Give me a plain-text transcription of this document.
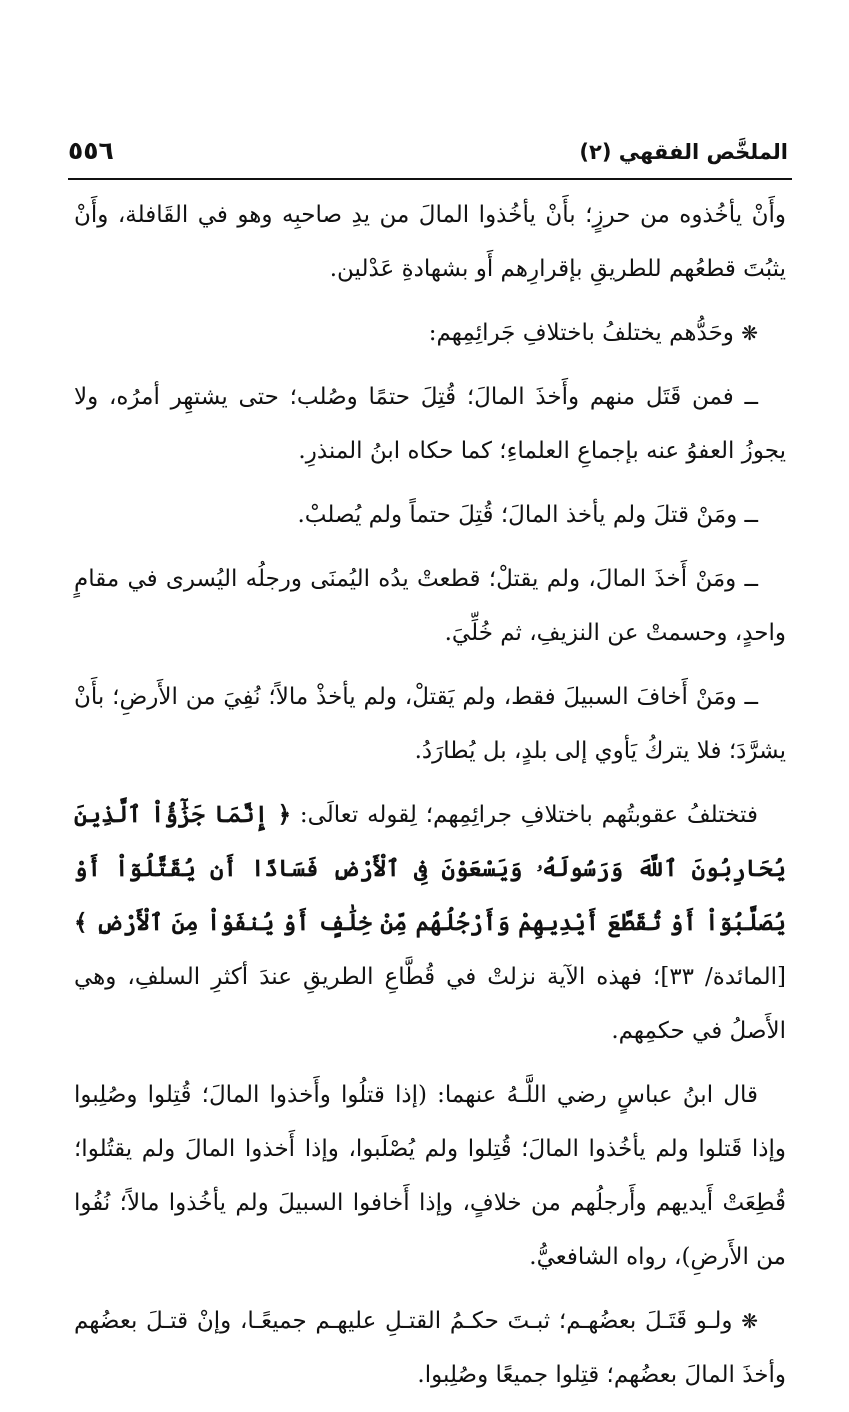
الملخَّص الفقهي (٢)
٥٥٦

وأَنْ يأخُذوه من حرزٍ؛ بأَنْ يأخُذوا المالَ من يدِ صاحبِه وهو في القَافلة، وأَنْ يثبُتَ قطعُهم للطريقِ بإقرارِهم أَو بشهادةِ عَدْلين.

❋ وحَدُّهم يختلفُ باختلافِ جَرائِمِهم:

ــ فمن قَتَل منهم وأَخذَ المالَ؛ قُتِلَ حتمًا وصُلب؛ حتى يشتهِر أمرُه، ولا يجوزُ العفوُ عنه بإجماعِ العلماءِ؛ كما حكاه ابنُ المنذرِ.

ــ ومَنْ قتلَ ولم يأخذ المالَ؛ قُتِلَ حتماً ولم يُصلبْ.

ــ ومَنْ أَخذَ المالَ، ولم يقتلْ؛ قطعتْ يدُه اليُمنَى ورجلُه اليُسرى في مقامٍ واحدٍ، وحسمتْ عن النزيفِ، ثم خُلِّيَ.

ــ ومَنْ أَخافَ السبيلَ فقط، ولم يَقتلْ، ولم يأخذْ مالاً؛ نُفِيَ من الأَرضِ؛ بأَنْ يشرَّدَ؛ فلا يتركُ يَأوي إلى بلدٍ، بل يُطارَدُ.

فتختلفُ عقوبتُهم باختلافِ جرائِمِهم؛ لِقوله تعالَى: ﴿ إِنَّمَا جَزَٰٓؤُاْ ٱلَّذِينَ يُحَارِبُونَ ٱللَّهَ وَرَسُولَهُۥ وَيَسْعَوْنَ فِى ٱلْأَرْضِ فَسَادًا أَن يُقَتَّلُوٓاْ أَوْ يُصَلَّبُوٓاْ أَوْ تُقَطَّعَ أَيْدِيهِمْ وَأَرْجُلُهُم مِّنْ خِلَٰفٍ أَوْ يُنفَوْاْ مِنَ ٱلْأَرْضِ ﴾ [المائدة/ ٣٣]؛ فهذه الآية نزلتْ في قُطَّاعِ الطريقِ عندَ أكثرِ السلفِ، وهي الأَصلُ في حكمِهم.

قال ابنُ عباسٍ رضي اللَّـهُ عنهما: (إذا قتلُوا وأَخذوا المالَ؛ قُتِلوا وصُلِبوا وإذا قَتلوا ولم يأخُذوا المالَ؛ قُتِلوا ولم يُصْلَبوا، وإذا أَخذوا المالَ ولم يقتُلوا؛ قُطِعَتْ أَيديهم وأَرجلُهم من خلافٍ، وإذا أَخافوا السبيلَ ولم يأخُذوا مالاً؛ نُفُوا من الأَرضِ)، رواه الشافعيُّ.

❋ ولـو قَتَـلَ بعضُهـم؛ ثبـتَ حكـمُ القتـلِ عليهـم جميعًـا، وإنْ قتـلَ بعضُهم وأخذَ المالَ بعضُهم؛ قتِلوا جميعًا وصُلِبوا.
